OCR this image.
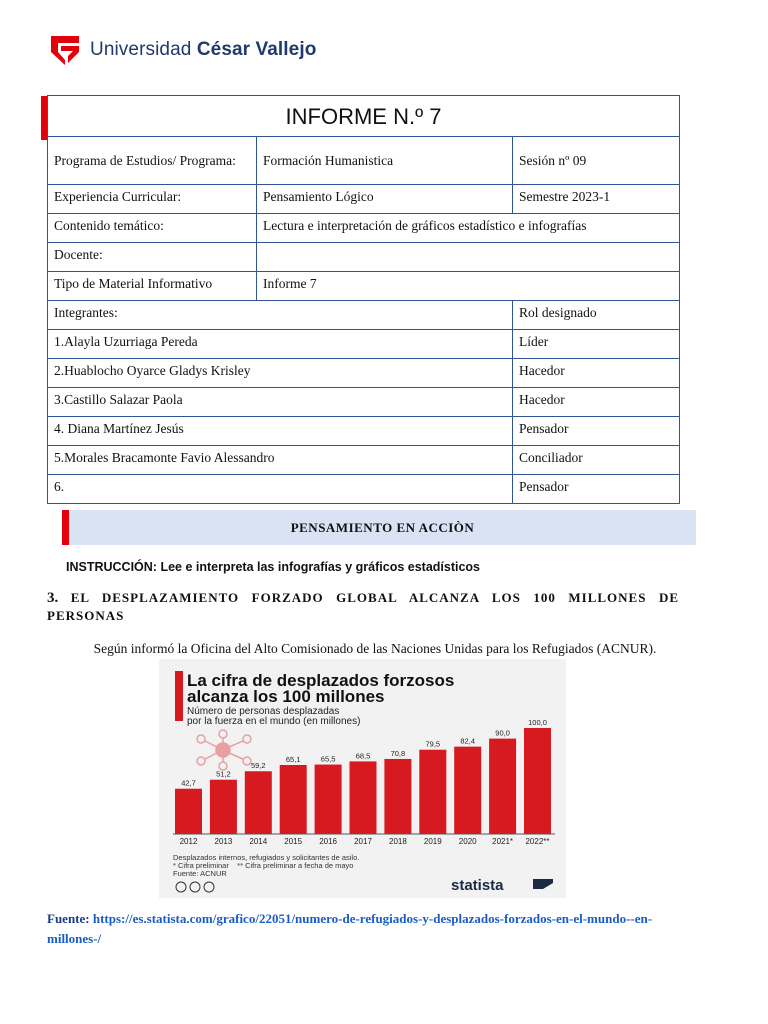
Universidad César Vallejo
INFORME N.º 7		
Programa de Estudios/ Programa:	Formación Humanistica	Sesión nº 09
Experiencia Curricular:	Pensamiento Lógico	Semestre 2023-1
Contenido temático:	Lectura e interpretación de gráficos estadístico e infografías	
Docente:		
Tipo de Material Informativo	Informe 7	
Integrantes:		Rol designado
1.Alayla Uzurriaga Pereda		Líder
2.Huablocho Oyarce Gladys Krisley		Hacedor
3.Castillo Salazar Paola		Hacedor
4. Diana Martínez Jesús		Pensador
5.Morales Bracamonte Favio Alessandro		Conciliador
6.		Pensador
PENSAMIENTO EN ACCIÒN
INSTRUCCIÓN: Lee e interpreta las infografías y gráficos estadísticos
3. EL DESPLAZAMIENTO FORZADO GLOBAL ALCANZA LOS 100 MILLONES DE PERSONAS
Según informó la Oficina del Alto Comisionado de las Naciones Unidas para los Refugiados (ACNUR).
La cifra de desplazados forzosos
alcanza los 100 millones
Número de personas desplazadas
por la fuerza en el mundo (en millones)
42,7
51,2
59,2
65,1	65,5	68,5	70,8
79,5	82,4
90,0
100,0
2012 2013 2014 2015 2016 2017 2018 2019 2020 2021* 2022**
Desplazados internos, refugiados y solicitantes de asilo.
* Cifra preliminar    ** Cifra preliminar a fecha de mayo
Fuente: ACNUR
statista
Fuente: https://es.statista.com/grafico/22051/numero-de-refugiados-y-desplazados-forzados-en-el-mundo--en-millones-/
